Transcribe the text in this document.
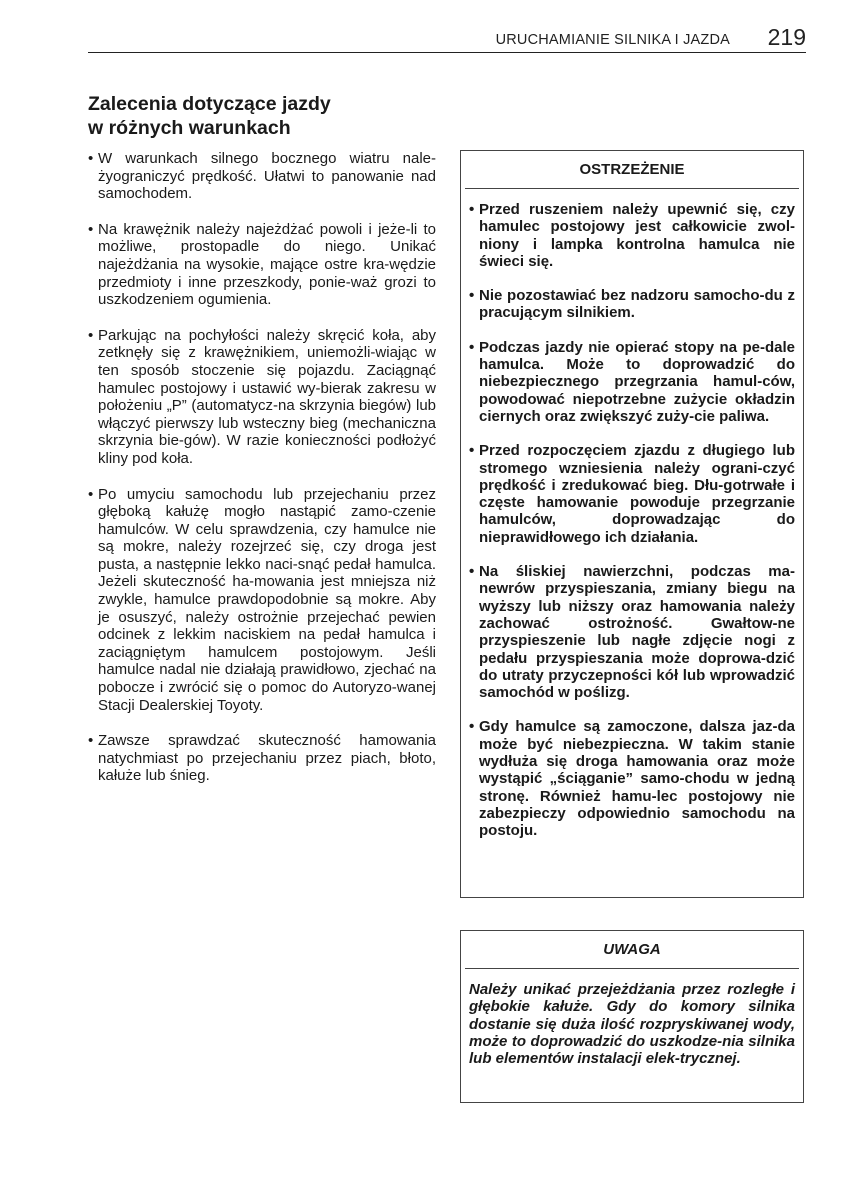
URUCHAMIANIE SILNIKA I JAZDA 219
Zalecenia dotyczące jazdy
w różnych warunkach
• W warunkach silnego bocznego wiatru nale-żyograniczyć prędkość. Ułatwi to panowanie nad samochodem.
• Na krawężnik należy najeżdżać powoli i jeże-li to możliwe, prostopadle do niego. Unikać najeżdżania na wysokie, mające ostre kra-wędzie przedmioty i inne przeszkody, ponie-waż grozi to uszkodzeniem ogumienia.
• Parkując na pochyłości należy skręcić koła, aby zetknęły się z krawężnikiem, uniemożli-wiając w ten sposób stoczenie się pojazdu. Zaciągnąć hamulec postojowy i ustawić wy-bierak zakresu w położeniu „P” (automatycz-na skrzynia biegów) lub włączyć pierwszy lub wsteczny bieg (mechaniczna skrzynia bie-gów). W razie konieczności podłożyć kliny pod koła.
• Po umyciu samochodu lub przejechaniu przez głęboką kałużę mogło nastąpić zamo-czenie hamulców. W celu sprawdzenia, czy hamulce nie są mokre, należy rozejrzeć się, czy droga jest pusta, a następnie lekko naci-snąć pedał hamulca. Jeżeli skuteczność ha-mowania jest mniejsza niż zwykle, hamulce prawdopodobnie są mokre. Aby je osuszyć, należy ostrożnie przejechać pewien odcinek z lekkim naciskiem na pedał hamulca i zaciągniętym hamulcem postojowym. Jeśli hamulce nadal nie działają prawidłowo, zjechać na pobocze i zwrócić się o pomoc do Autoryzo-wanej Stacji Dealerskiej Toyoty.
• Zawsze sprawdzać skuteczność hamowania natychmiast po przejechaniu przez piach, błoto, kałuże lub śnieg.
OSTRZEŻENIE
• Przed ruszeniem należy upewnić się, czy hamulec postojowy jest całkowicie zwol-niony i lampka kontrolna hamulca nie świeci się.
• Nie pozostawiać bez nadzoru samocho-du z pracującym silnikiem.
• Podczas jazdy nie opierać stopy na pe-dale hamulca. Może to doprowadzić do niebezpiecznego przegrzania hamul-ców, powodować niepotrzebne zużycie okładzin ciernych oraz zwiększyć zuży-cie paliwa.
• Przed rozpoczęciem zjazdu z długiego lub stromego wzniesienia należy ograni-czyć prędkość i zredukować bieg. Dłu-gotrwałe i częste hamowanie powoduje przegrzanie hamulców, doprowadzając do nieprawidłowego ich działania.
• Na śliskiej nawierzchni, podczas ma-newrów przyspieszania, zmiany biegu na wyższy lub niższy oraz hamowania należy zachować ostrożność. Gwałtow-ne przyspieszenie lub nagłe zdjęcie nogi z pedału przyspieszania może doprowa-dzić do utraty przyczepności kół lub wprowadzić samochód w poślizg.
• Gdy hamulce są zamoczone, dalsza jaz-da może być niebezpieczna. W takim stanie wydłuża się droga hamowania oraz może wystąpić „ściąganie” samo-chodu w jedną stronę. Również hamu-lec postojowy nie zabezpieczy odpowiednio samochodu na postoju.
UWAGA
Należy unikać przejeżdżania przez rozległe i głębokie kałuże. Gdy do komory silnika dostanie się duża ilość rozpryskiwanej wody, może to doprowadzić do uszkodze-nia silnika lub elementów instalacji elek-trycznej.
